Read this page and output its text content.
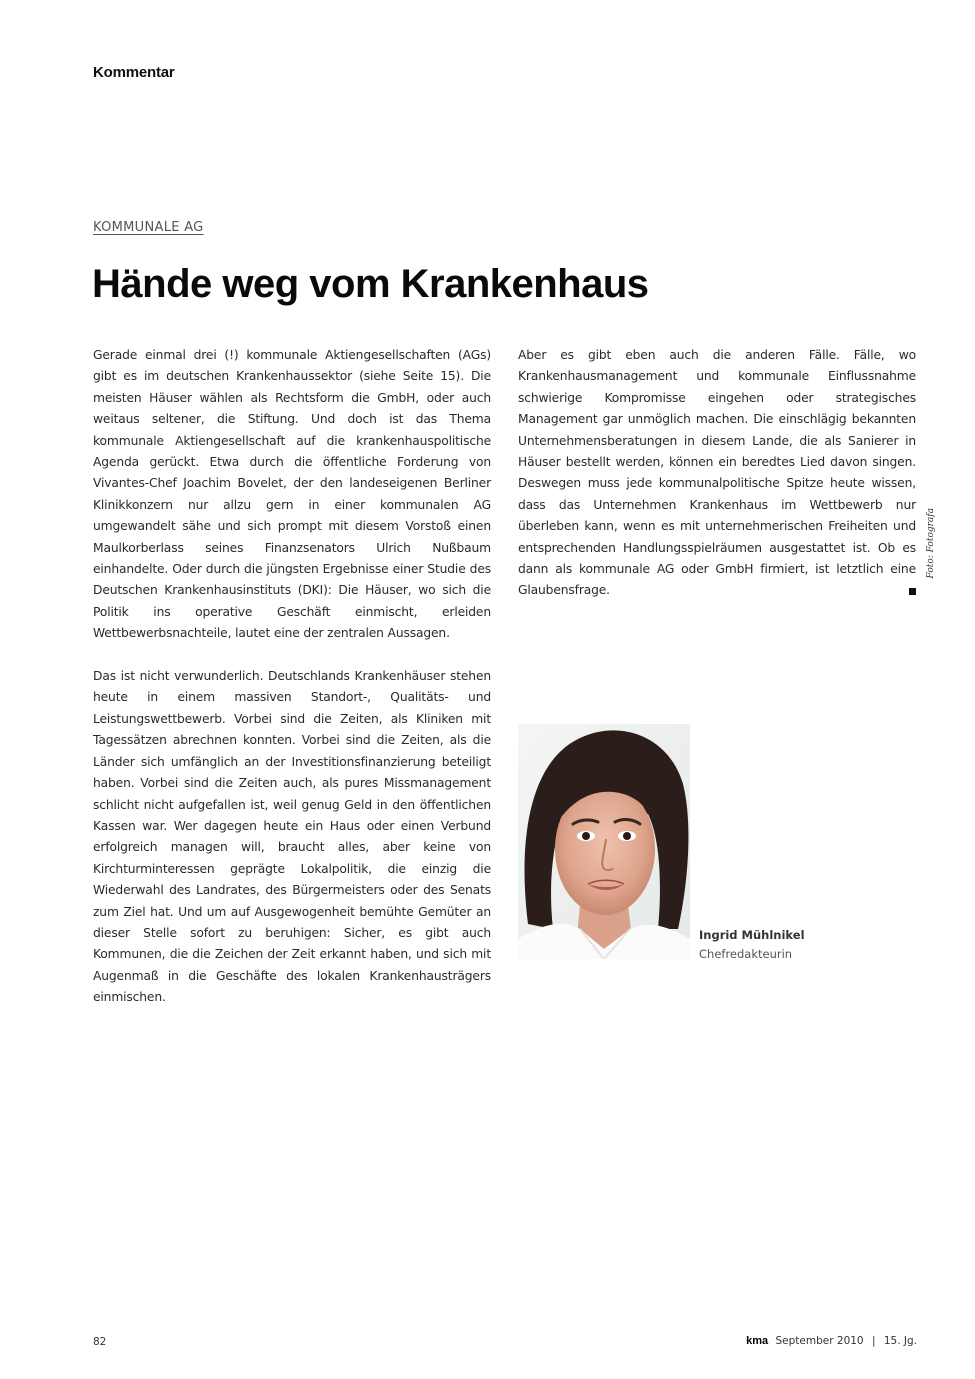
Kommentar
KOMMUNALE AG
Hände weg vom Krankenhaus

Gerade einmal drei (!) kommunale Aktiengesellschaften (AGs) gibt es im deutschen Krankenhaussektor (siehe Seite 15). Die meisten Häuser wählen als Rechtsform die GmbH, oder auch weitaus seltener, die Stiftung. Und doch ist das Thema kommunale Aktiengesellschaft auf die krankenhauspolitische Agenda gerückt. Etwa durch die öffentliche Forderung von Vivantes-Chef Joachim Bovelet, der den landeseigenen Berliner Klinikkonzern nur allzu gern in einer kommunalen AG umgewandelt sähe und sich prompt mit diesem Vorstoß einen Maulkorberlass seines Finanzsenators Ulrich Nußbaum einhandelte. Oder durch die jüngsten Ergebnisse einer Studie des Deutschen Krankenhausinstituts (DKI): Die Häuser, wo sich die Politik ins operative Geschäft einmischt, erleiden Wettbewerbsnachteile, lautet eine der zentralen Aussagen.

Das ist nicht verwunderlich. Deutschlands Krankenhäuser stehen heute in einem massiven Standort-, Qualitäts- und Leistungswettbewerb. Vorbei sind die Zeiten, als Kliniken mit Tagessätzen abrechnen konnten. Vorbei sind die Zeiten, als die Länder sich umfänglich an der Investitionsfinanzierung beteiligt haben. Vorbei sind die Zeiten auch, als pures Missmanagement schlicht nicht aufgefallen ist, weil genug Geld in den öffentlichen Kassen war. Wer dagegen heute ein Haus oder einen Verbund erfolgreich managen will, braucht alles, aber keine von Kirchturminteressen geprägte Lokalpolitik, die einzig die Wiederwahl des Landrates, des Bürgermeisters oder des Senats zum Ziel hat. Und um auf Ausgewogenheit bemühte Gemüter an dieser Stelle sofort zu beruhigen: Sicher, es gibt auch Kommunen, die die Zeichen der Zeit erkannt haben, und sich mit Augenmaß in die Geschäfte des lokalen Krankenhausträgers einmischen.

Aber es gibt eben auch die anderen Fälle. Fälle, wo Krankenhausmanagement und kommunale Einflussnahme schwierige Kompromisse eingehen oder strategisches Management gar unmöglich machen. Die einschlägig bekannten Unternehmensberatungen in diesem Lande, die als Sanierer in Häuser bestellt werden, können ein beredtes Lied davon singen. Deswegen muss jede kommunalpolitische Spitze heute wissen, dass das Unternehmen Krankenhaus im Wettbewerb nur überleben kann, wenn es mit unternehmerischen Freiheiten und entsprechenden Handlungsspielräumen ausgestattet ist. Ob es dann als kommunale AG oder GmbH firmiert, ist letztlich eine Glaubensfrage.

Foto: Fotografa
Ingrid Mühlnikel
Chefredakteurin
82	kma September 2010 | 15. Jg.
